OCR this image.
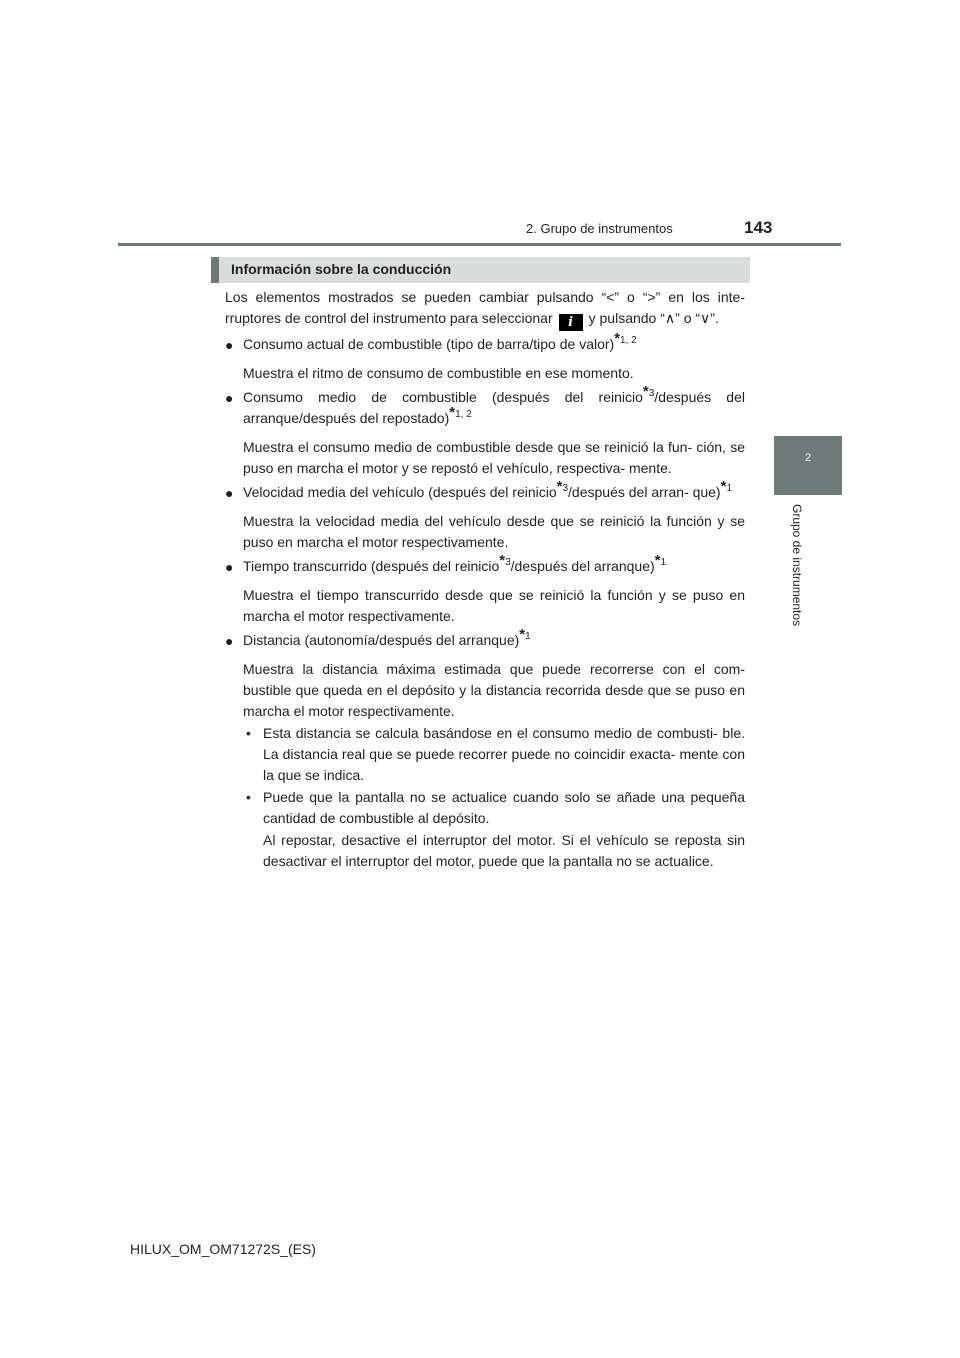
2. Grupo de instrumentos	143
2
Grupo de instrumentos
Información sobre la conducción

Los elementos mostrados se pueden cambiar pulsando “<” o “>” en los inte- rruptores de control del instrumento para seleccionar i y pulsando “∧” o “∨”.

● Consumo actual de combustible (tipo de barra/tipo de valor)$^{*1, 2}$

Muestra el ritmo de consumo de combustible en ese momento.

● Consumo medio de combustible (después del reinicio$^{*3}$/después del arranque/después del repostado)$^{*1, 2}$

Muestra el consumo medio de combustible desde que se reinició la fun- ción, se puso en marcha el motor y se repostó el vehículo, respectiva- mente.

● Velocidad media del vehículo (después del reinicio$^{*3}$/después del arran- que)$^{*1}$

Muestra la velocidad media del vehículo desde que se reinició la función y se puso en marcha el motor respectivamente.

● Tiempo transcurrido (después del reinicio$^{*3}$/después del arranque)$^{*1}$

Muestra el tiempo transcurrido desde que se reinició la función y se puso en marcha el motor respectivamente.

● Distancia (autonomía/después del arranque)$^{*1}$

Muestra la distancia máxima estimada que puede recorrerse con el com- bustible que queda en el depósito y la distancia recorrida desde que se puso en marcha el motor respectivamente.

• Esta distancia se calcula basándose en el consumo medio de combusti- ble. La distancia real que se puede recorrer puede no coincidir exacta- mente con la que se indica.
• Puede que la pantalla no se actualice cuando solo se añade una pequeña cantidad de combustible al depósito.
Al repostar, desactive el interruptor del motor. Si el vehículo se reposta sin desactivar el interruptor del motor, puede que la pantalla no se actualice.
HILUX_OM_OM71272S_(ES)
